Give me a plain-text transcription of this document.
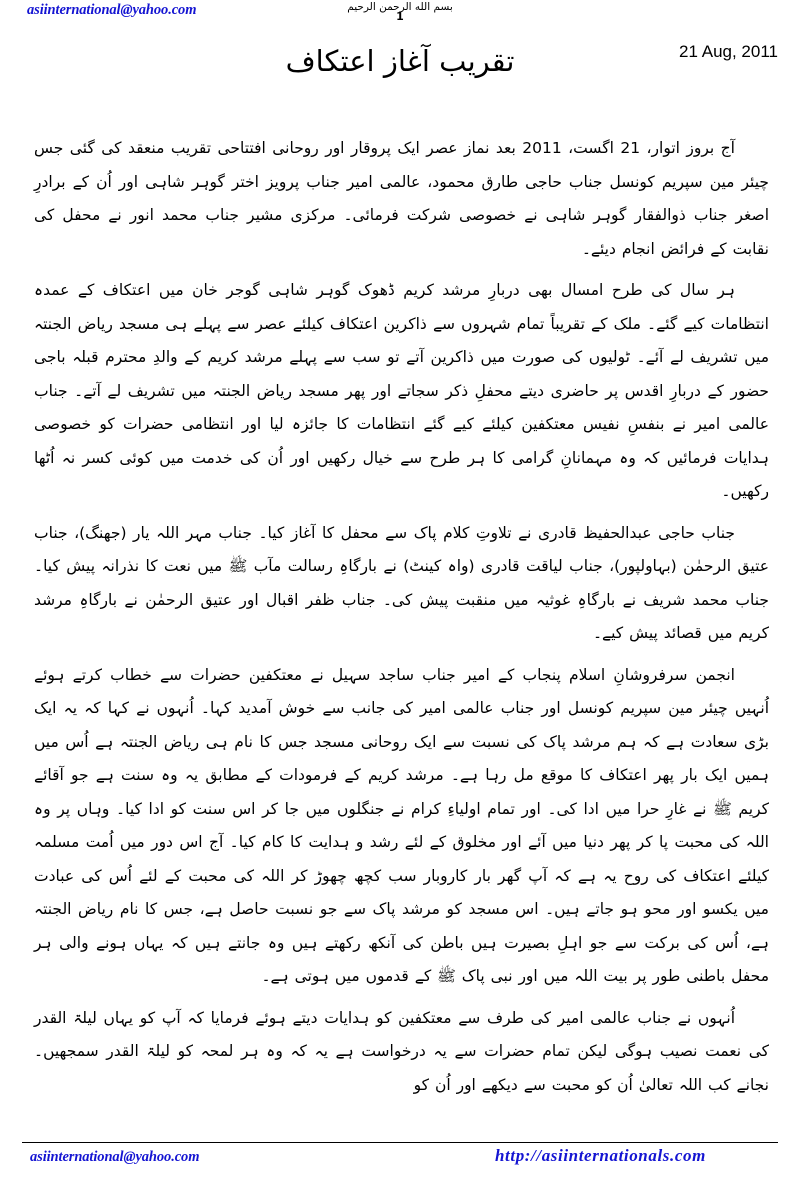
asiinternational@yahoo.com	بسم الله الرحمن الرحيم
1
تقریب آغاز اعتکاف	21 Aug, 2011

آج بروز اتوار، 21 اگست، 2011 بعد نماز عصر ایک پروقار اور روحانی افتتاحی تقریب منعقد کی گئی جس چیئر مین سپریم کونسل جناب حاجی طارق محمود، عالمی امیر جناب پرویز اختر گوہر شاہی اور اُن کے برادرِ اصغر جناب ذوالفقار گوہر شاہی نے خصوصی شرکت فرمائی۔ مرکزی مشیر جناب محمد انور نے محفل کی نقابت کے فرائض انجام دیئے۔

ہر سال کی طرح امسال بھی دربارِ مرشد کریم ڈھوک گوہر شاہی گوجر خان میں اعتکاف کے عمدہ انتظامات کیے گئے۔ ملک کے تقریباً تمام شہروں سے ذاکرین اعتکاف کیلئے عصر سے پہلے ہی مسجد ریاض الجنتہ میں تشریف لے آئے۔ ٹولیوں کی صورت میں ذاکرین آتے تو سب سے پہلے مرشد کریم کے والدِ محترم قبلہ باجی حضور کے دربارِ اقدس پر حاضری دیتے محفلِ ذکر سجاتے اور پھر مسجد ریاض الجنتہ میں تشریف لے آتے۔ جناب عالمی امیر نے بنفسِ نفیس معتکفین کیلئے کیے گئے انتظامات کا جائزہ لیا اور انتظامی حضرات کو خصوصی ہدایات فرمائیں کہ وہ مہمانانِ گرامی کا ہر طرح سے خیال رکھیں اور اُن کی خدمت میں کوئی کسر نہ اُٹھا رکھیں۔

جناب حاجی عبدالحفیظ قادری نے تلاوتِ کلام پاک سے محفل کا آغاز کیا۔ جناب مہر اللہ یار (جھنگ)، جناب عتیق الرحمٰن (بہاولپور)، جناب لیاقت قادری (واہ کینٹ) نے بارگاہِ رسالت مآب ﷺ میں نعت کا نذرانہ پیش کیا۔ جناب محمد شریف نے بارگاہِ غوثیہ میں منقبت پیش کی۔ جناب ظفر اقبال اور عتیق الرحمٰن نے بارگاہِ مرشد کریم میں قصائد پیش کیے۔

انجمن سرفروشانِ اسلام پنجاب کے امیر جناب ساجد سہیل نے معتکفین حضرات سے خطاب کرتے ہوئے اُنہیں چیئر مین سپریم کونسل اور جناب عالمی امیر کی جانب سے خوش آمدید کہا۔ اُنہوں نے کہا کہ یہ ایک بڑی سعادت ہے کہ ہم مرشد پاک کی نسبت سے ایک روحانی مسجد جس کا نام ہی ریاض الجنتہ ہے اُس میں ہمیں ایک بار پھر اعتکاف کا موقع مل رہا ہے۔ مرشد کریم کے فرمودات کے مطابق یہ وہ سنت ہے جو آقائے کریم ﷺ نے غارِ حرا میں ادا کی۔ اور تمام اولیاءِ کرام نے جنگلوں میں جا کر اس سنت کو ادا کیا۔ وہاں پر وہ اللہ کی محبت پا کر پھر دنیا میں آئے اور مخلوق کے لئے رشد و ہدایت کا کام کیا۔ آج اس دور میں اُمت مسلمہ کیلئے اعتکاف کی روح یہ ہے کہ آپ گھر بار کاروبار سب کچھ چھوڑ کر اللہ کی محبت کے لئے اُس کی عبادت میں یکسو اور محو ہو جاتے ہیں۔ اس مسجد کو مرشد پاک سے جو نسبت حاصل ہے، جس کا نام ریاض الجنتہ ہے، اُس کی برکت سے جو اہلِ بصیرت ہیں باطن کی آنکھ رکھتے ہیں وہ جانتے ہیں کہ یہاں ہونے والی ہر محفل باطنی طور پر بیت اللہ میں اور نبی پاک ﷺ کے قدموں میں ہوتی ہے۔

اُنہوں نے جناب عالمی امیر کی طرف سے معتکفین کو ہدایات دیتے ہوئے فرمایا کہ آپ کو یہاں لیلۃ القدر کی نعمت نصیب ہوگی لیکن تمام حضرات سے یہ درخواست ہے یہ کہ وہ ہر لمحہ کو لیلۃ القدر سمجھیں۔ نجانے کب اللہ تعالیٰ اُن کو محبت سے دیکھے اور اُن کو

asiinternational@yahoo.com	http://asiinternationals.com
